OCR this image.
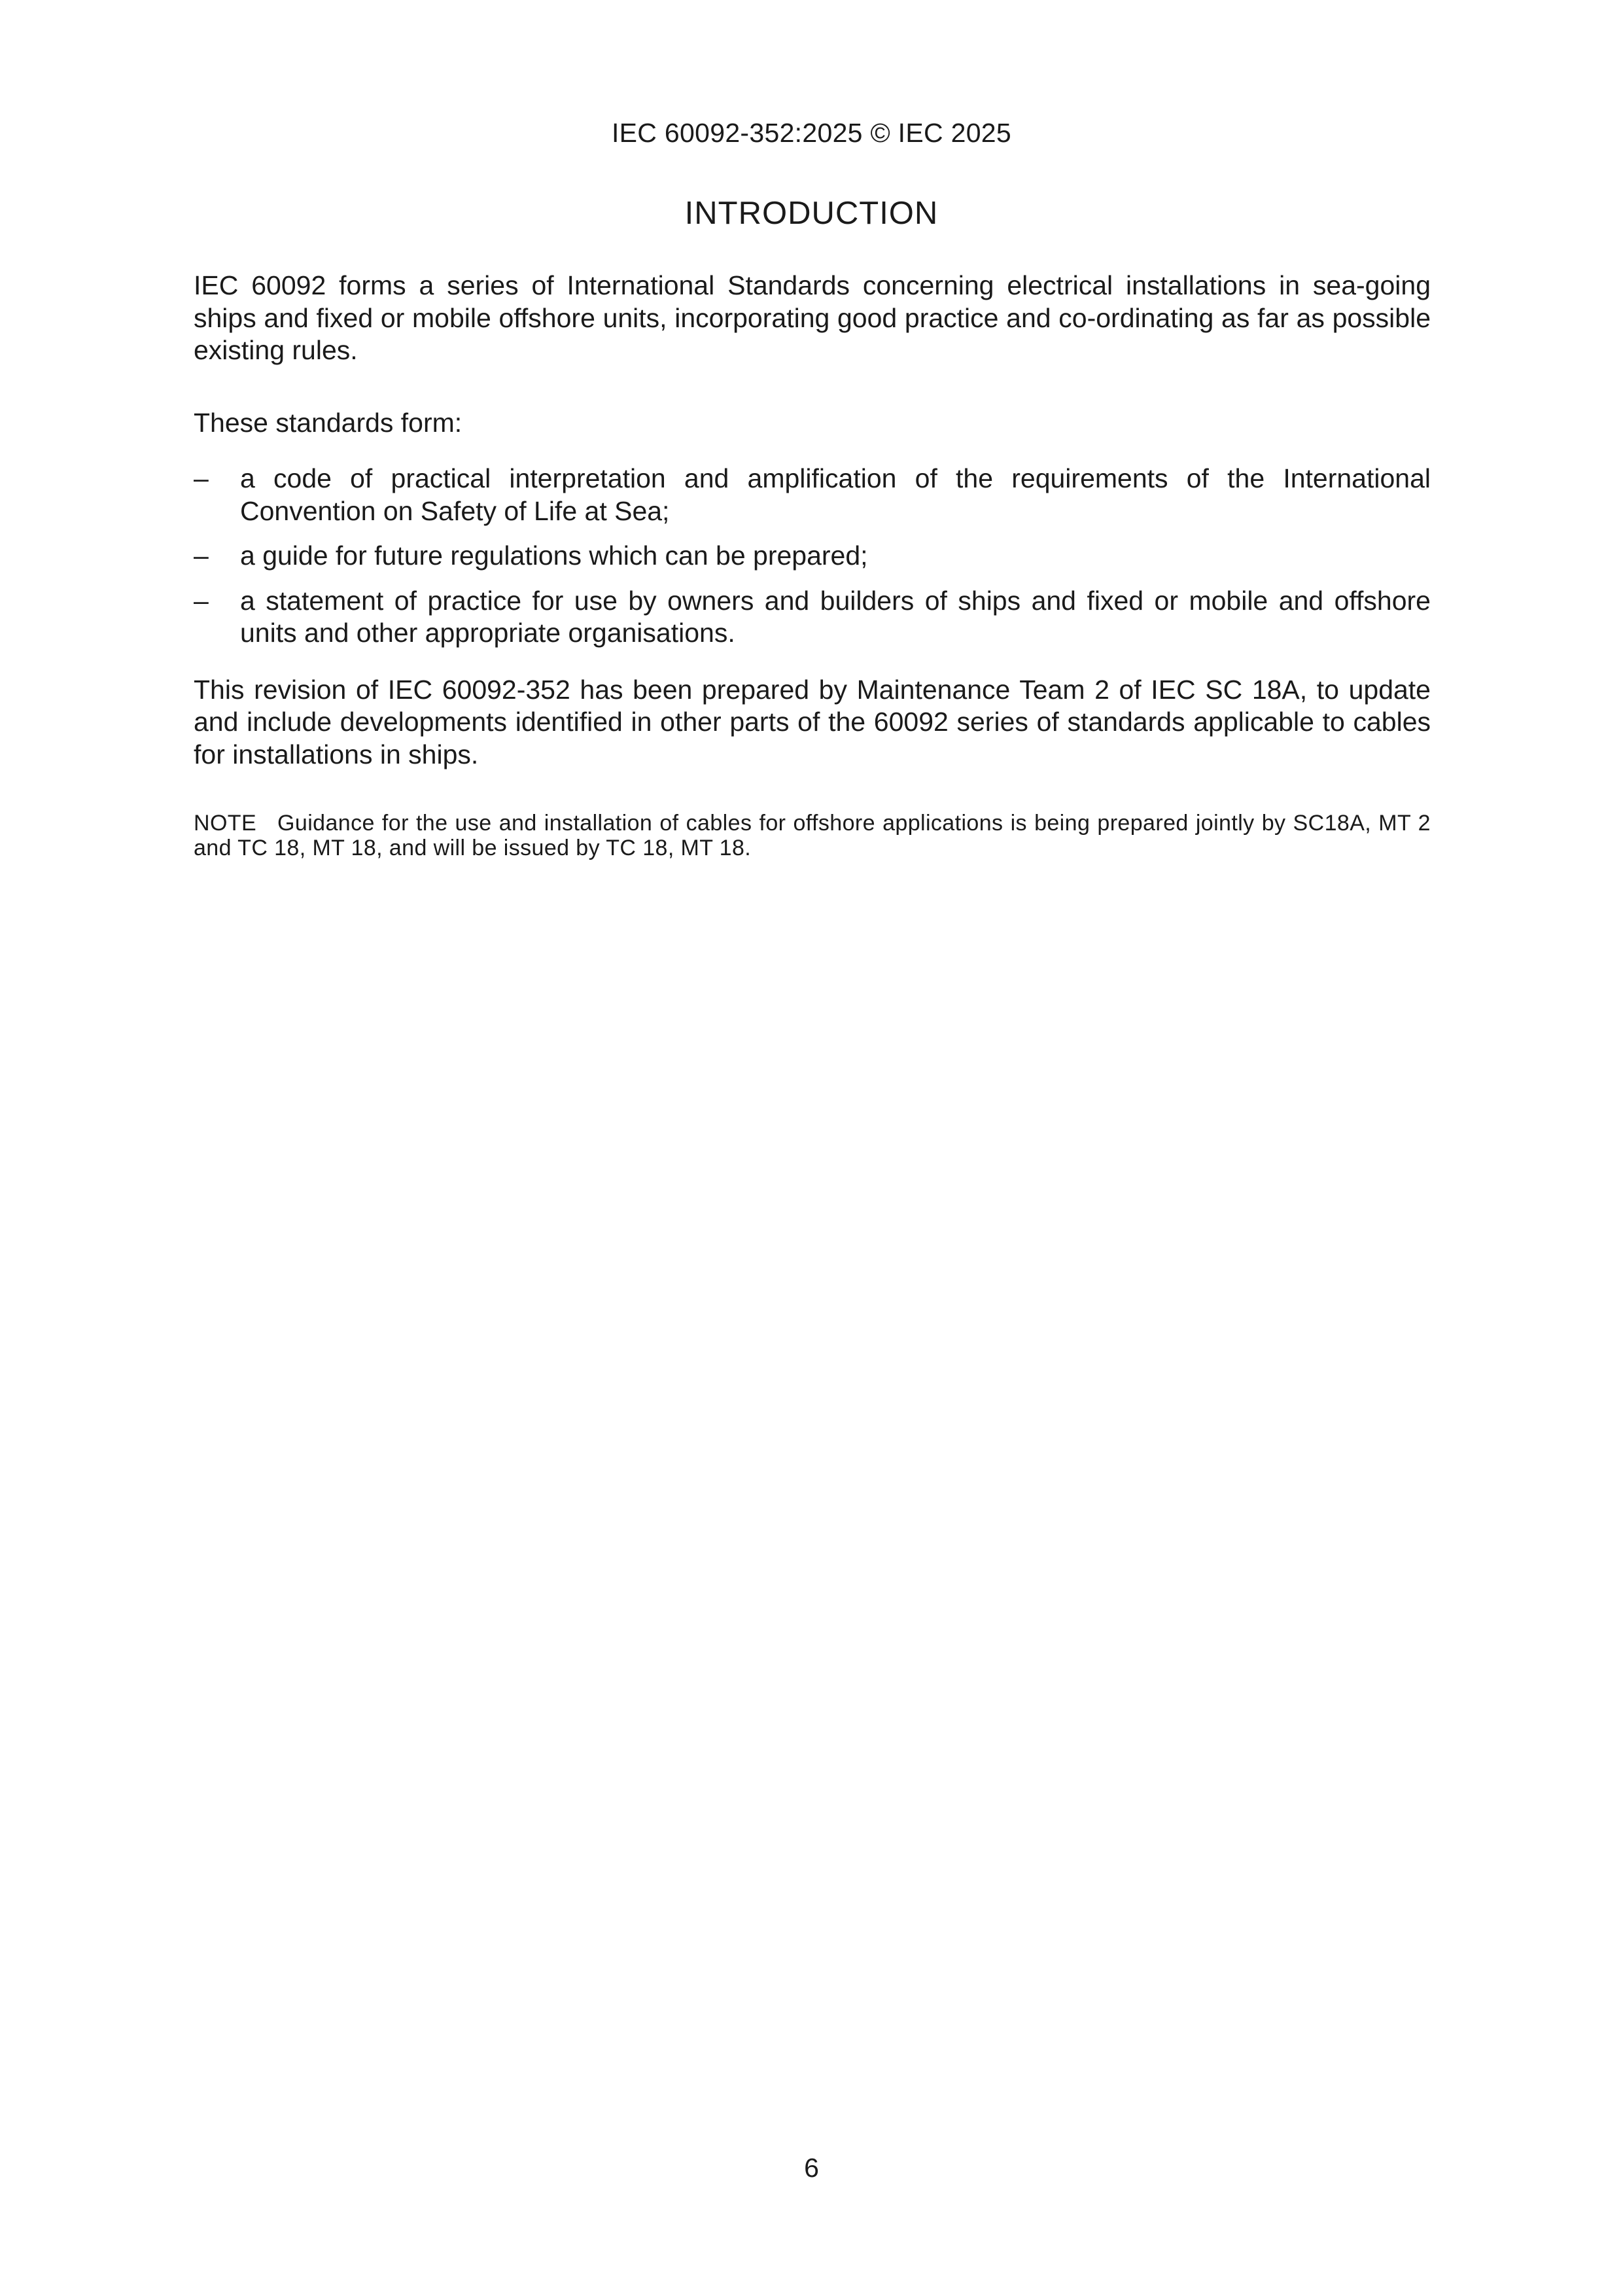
IEC 60092-352:2025 © IEC 2025
INTRODUCTION

IEC 60092 forms a series of International Standards concerning electrical installations in sea-going ships and fixed or mobile offshore units, incorporating good practice and co-ordinating as far as possible existing rules.

These standards form:

– a code of practical interpretation and amplification of the requirements of the International Convention on Safety of Life at Sea;
– a guide for future regulations which can be prepared;
– a statement of practice for use by owners and builders of ships and fixed or mobile and offshore units and other appropriate organisations.

This revision of IEC 60092-352 has been prepared by Maintenance Team 2 of IEC SC 18A, to update and include developments identified in other parts of the 60092 series of standards applicable to cables for installations in ships.

NOTE Guidance for the use and installation of cables for offshore applications is being prepared jointly by SC18A, MT 2 and TC 18, MT 18, and will be issued by TC 18, MT 18.

6
